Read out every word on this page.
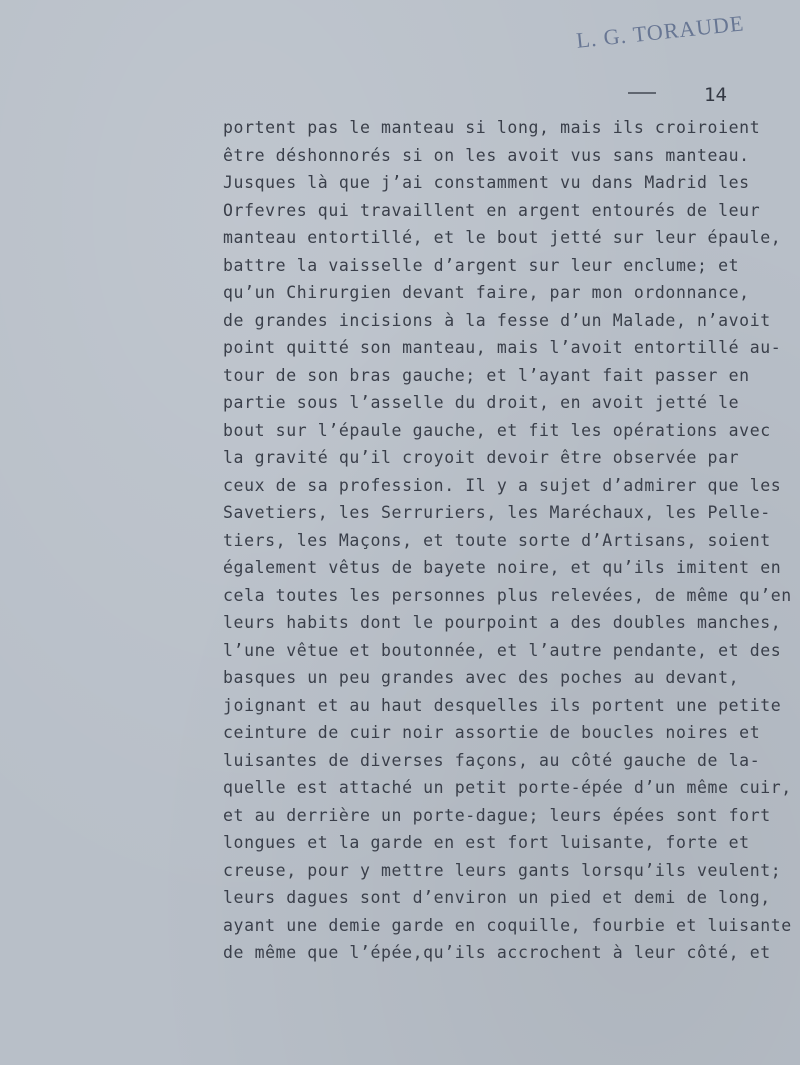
L. G. TORAUDE
14
portent pas le manteau si long, mais ils croiroient
être déshonnorés si on les avoit vus sans manteau.
Jusques là que j’ai constamment vu dans Madrid les
Orfevres qui travaillent en argent entourés de leur
manteau entortillé, et le bout jetté sur leur épaule,
battre la vaisselle d’argent sur leur enclume; et
qu’un Chirurgien devant faire, par mon ordonnance,
de grandes incisions à la fesse d’un Malade, n’avoit
point quitté son manteau, mais l’avoit entortillé au-
tour de son bras gauche; et l’ayant fait passer en
partie sous l’asselle du droit, en avoit jetté le
bout sur l’épaule gauche, et fit les opérations avec
la gravité qu’il croyoit devoir être observée par
ceux de sa profession. Il y a sujet d’admirer que les
Savetiers, les Serruriers, les Maréchaux, les Pelle-
tiers, les Maçons, et toute sorte d’Artisans, soient
également vêtus de bayete noire, et qu’ils imitent en
cela toutes les personnes plus relevées, de même qu’en
leurs habits dont le pourpoint a des doubles manches,
l’une vêtue et boutonnée, et l’autre pendante, et des
basques un peu grandes avec des poches au devant,
joignant et au haut desquelles ils portent une petite
ceinture de cuir noir assortie de boucles noires et
luisantes de diverses façons, au côté gauche de la-
quelle est attaché un petit porte-épée d’un même cuir,
et au derrière un porte-dague; leurs épées sont fort
longues et la garde en est fort luisante, forte et
creuse, pour y mettre leurs gants lorsqu’ils veulent;
leurs dagues sont d’environ un pied et demi de long,
ayant une demie garde en coquille, fourbie et luisante
de même que l’épée,qu’ils accrochent à leur côté, et
